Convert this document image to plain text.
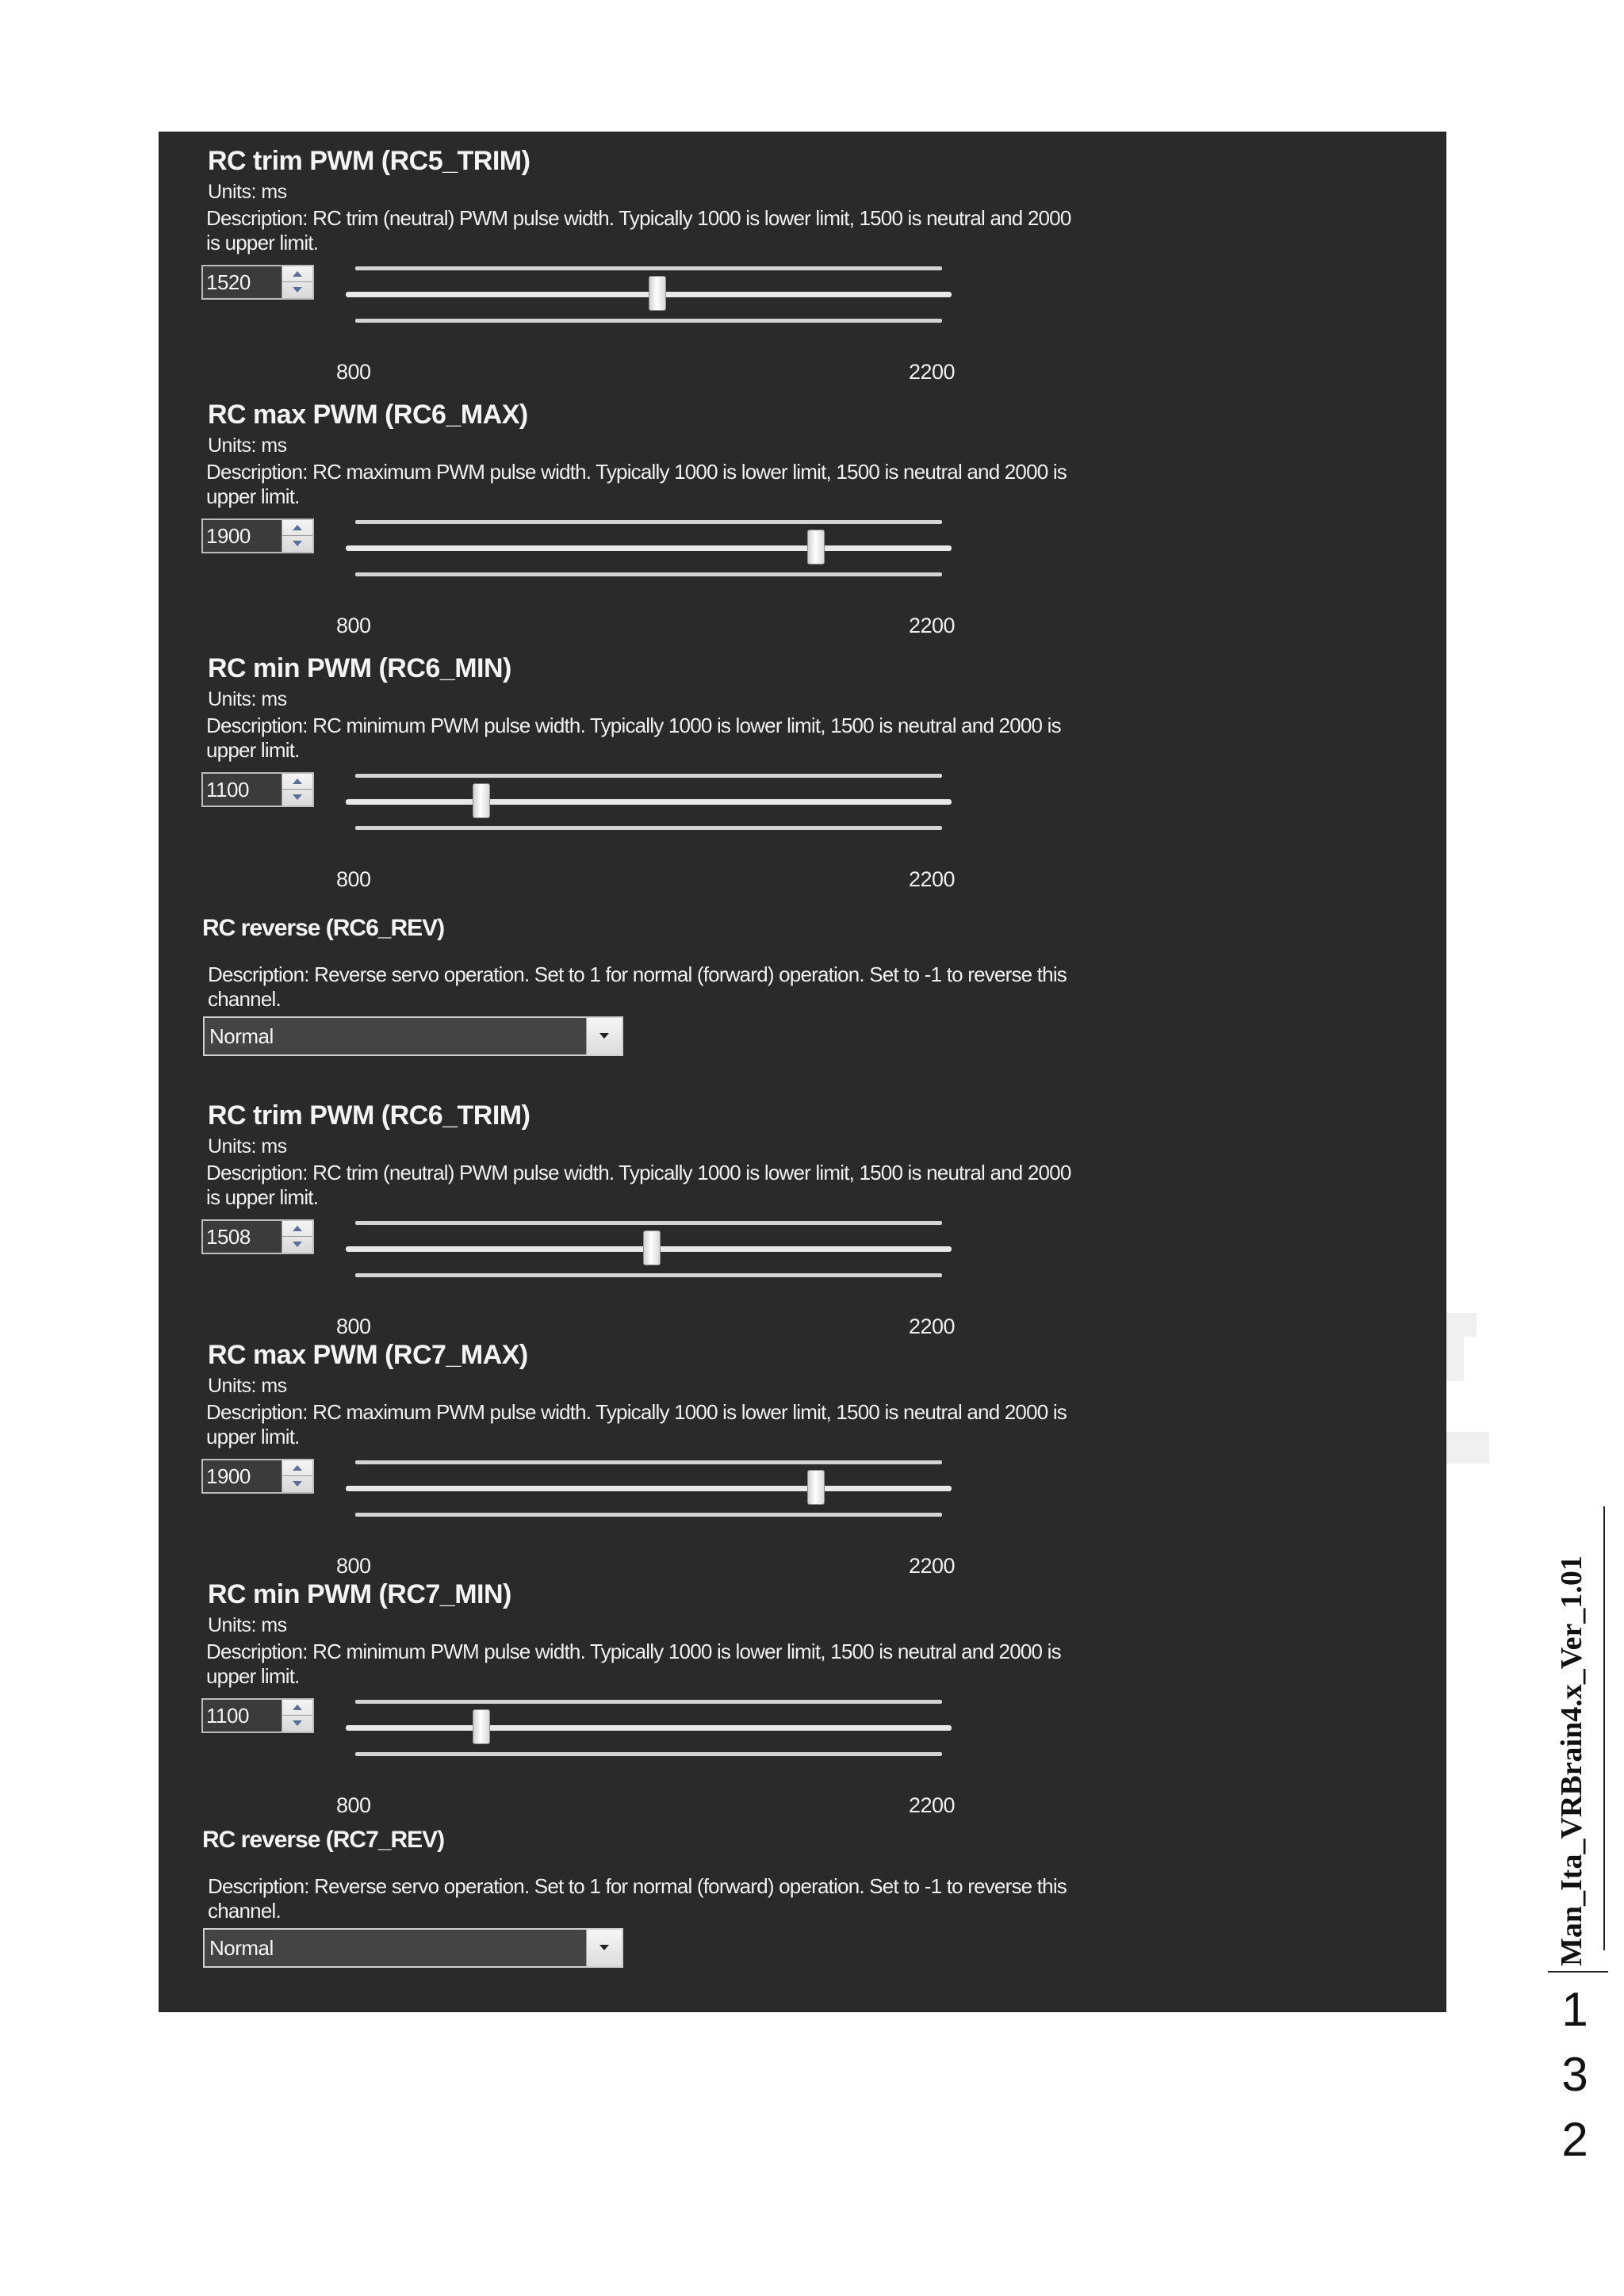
RC trim PWM (RC5_TRIM)
Units: ms
Description: RC trim (neutral) PWM pulse width. Typically 1000 is lower limit, 1500 is neutral and 2000 is upper limit.
1520
800	2200
RC max PWM (RC6_MAX)
Units: ms
Description: RC maximum PWM pulse width. Typically 1000 is lower limit, 1500 is neutral and 2000 is upper limit.
1900
800	2200
RC min PWM (RC6_MIN)
Units: ms
Description: RC minimum PWM pulse width. Typically 1000 is lower limit, 1500 is neutral and 2000 is upper limit.
1100
800	2200
RC reverse (RC6_REV)
Description: Reverse servo operation. Set to 1 for normal (forward) operation. Set to -1 to reverse this channel.
Normal
RC trim PWM (RC6_TRIM)
Units: ms
Description: RC trim (neutral) PWM pulse width. Typically 1000 is lower limit, 1500 is neutral and 2000 is upper limit.
1508
800	2200
RC max PWM (RC7_MAX)
Units: ms
Description: RC maximum PWM pulse width. Typically 1000 is lower limit, 1500 is neutral and 2000 is upper limit.
1900
800	2200
RC min PWM (RC7_MIN)
Units: ms
Description: RC minimum PWM pulse width. Typically 1000 is lower limit, 1500 is neutral and 2000 is upper limit.
1100
800	2200
RC reverse (RC7_REV)
Description: Reverse servo operation. Set to 1 for normal (forward) operation. Set to -1 to reverse this channel.
Normal	Man_Ita_VRBrain4.x_Ver_1.01
1
3
2
